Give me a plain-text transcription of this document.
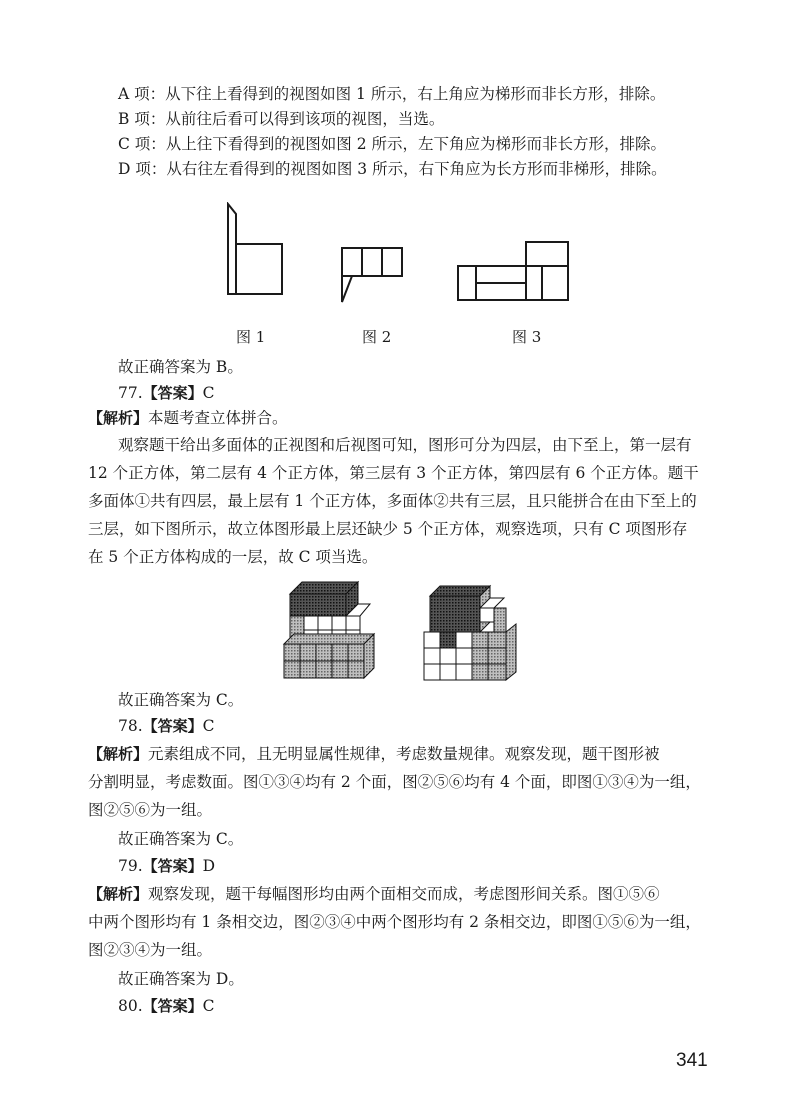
A 项：从下往上看得到的视图如图 1 所示，右上角应为梯形而非长方形，排除。
B 项：从前往后看可以得到该项的视图，当选。
C 项：从上往下看得到的视图如图 2 所示，左下角应为梯形而非长方形，排除。
D 项：从右往左看得到的视图如图 3 所示，右下角应为长方形而非梯形，排除。
图 1	图 2	图 3
故正确答案为 B。
77.【答案】C
【解析】本题考查立体拼合。
观察题干给出多面体的正视图和后视图可知，图形可分为四层，由下至上，第一层有
12 个正方体，第二层有 4 个正方体，第三层有 3 个正方体，第四层有 6 个正方体。题干
多面体①共有四层，最上层有 1 个正方体，多面体②共有三层，且只能拼合在由下至上的
三层，如下图所示，故立体图形最上层还缺少 5 个正方体，观察选项，只有 C 项图形存
在 5 个正方体构成的一层，故 C 项当选。
故正确答案为 C。
78.【答案】C
【解析】元素组成不同，且无明显属性规律，考虑数量规律。观察发现，题干图形被
分割明显，考虑数面。图①③④均有 2 个面，图②⑤⑥均有 4 个面，即图①③④为一组，
图②⑤⑥为一组。
故正确答案为 C。
79.【答案】D
【解析】观察发现，题干每幅图形均由两个面相交而成，考虑图形间关系。图①⑤⑥
中两个图形均有 1 条相交边，图②③④中两个图形均有 2 条相交边，即图①⑤⑥为一组，
图②③④为一组。
故正确答案为 D。
80.【答案】C
341
